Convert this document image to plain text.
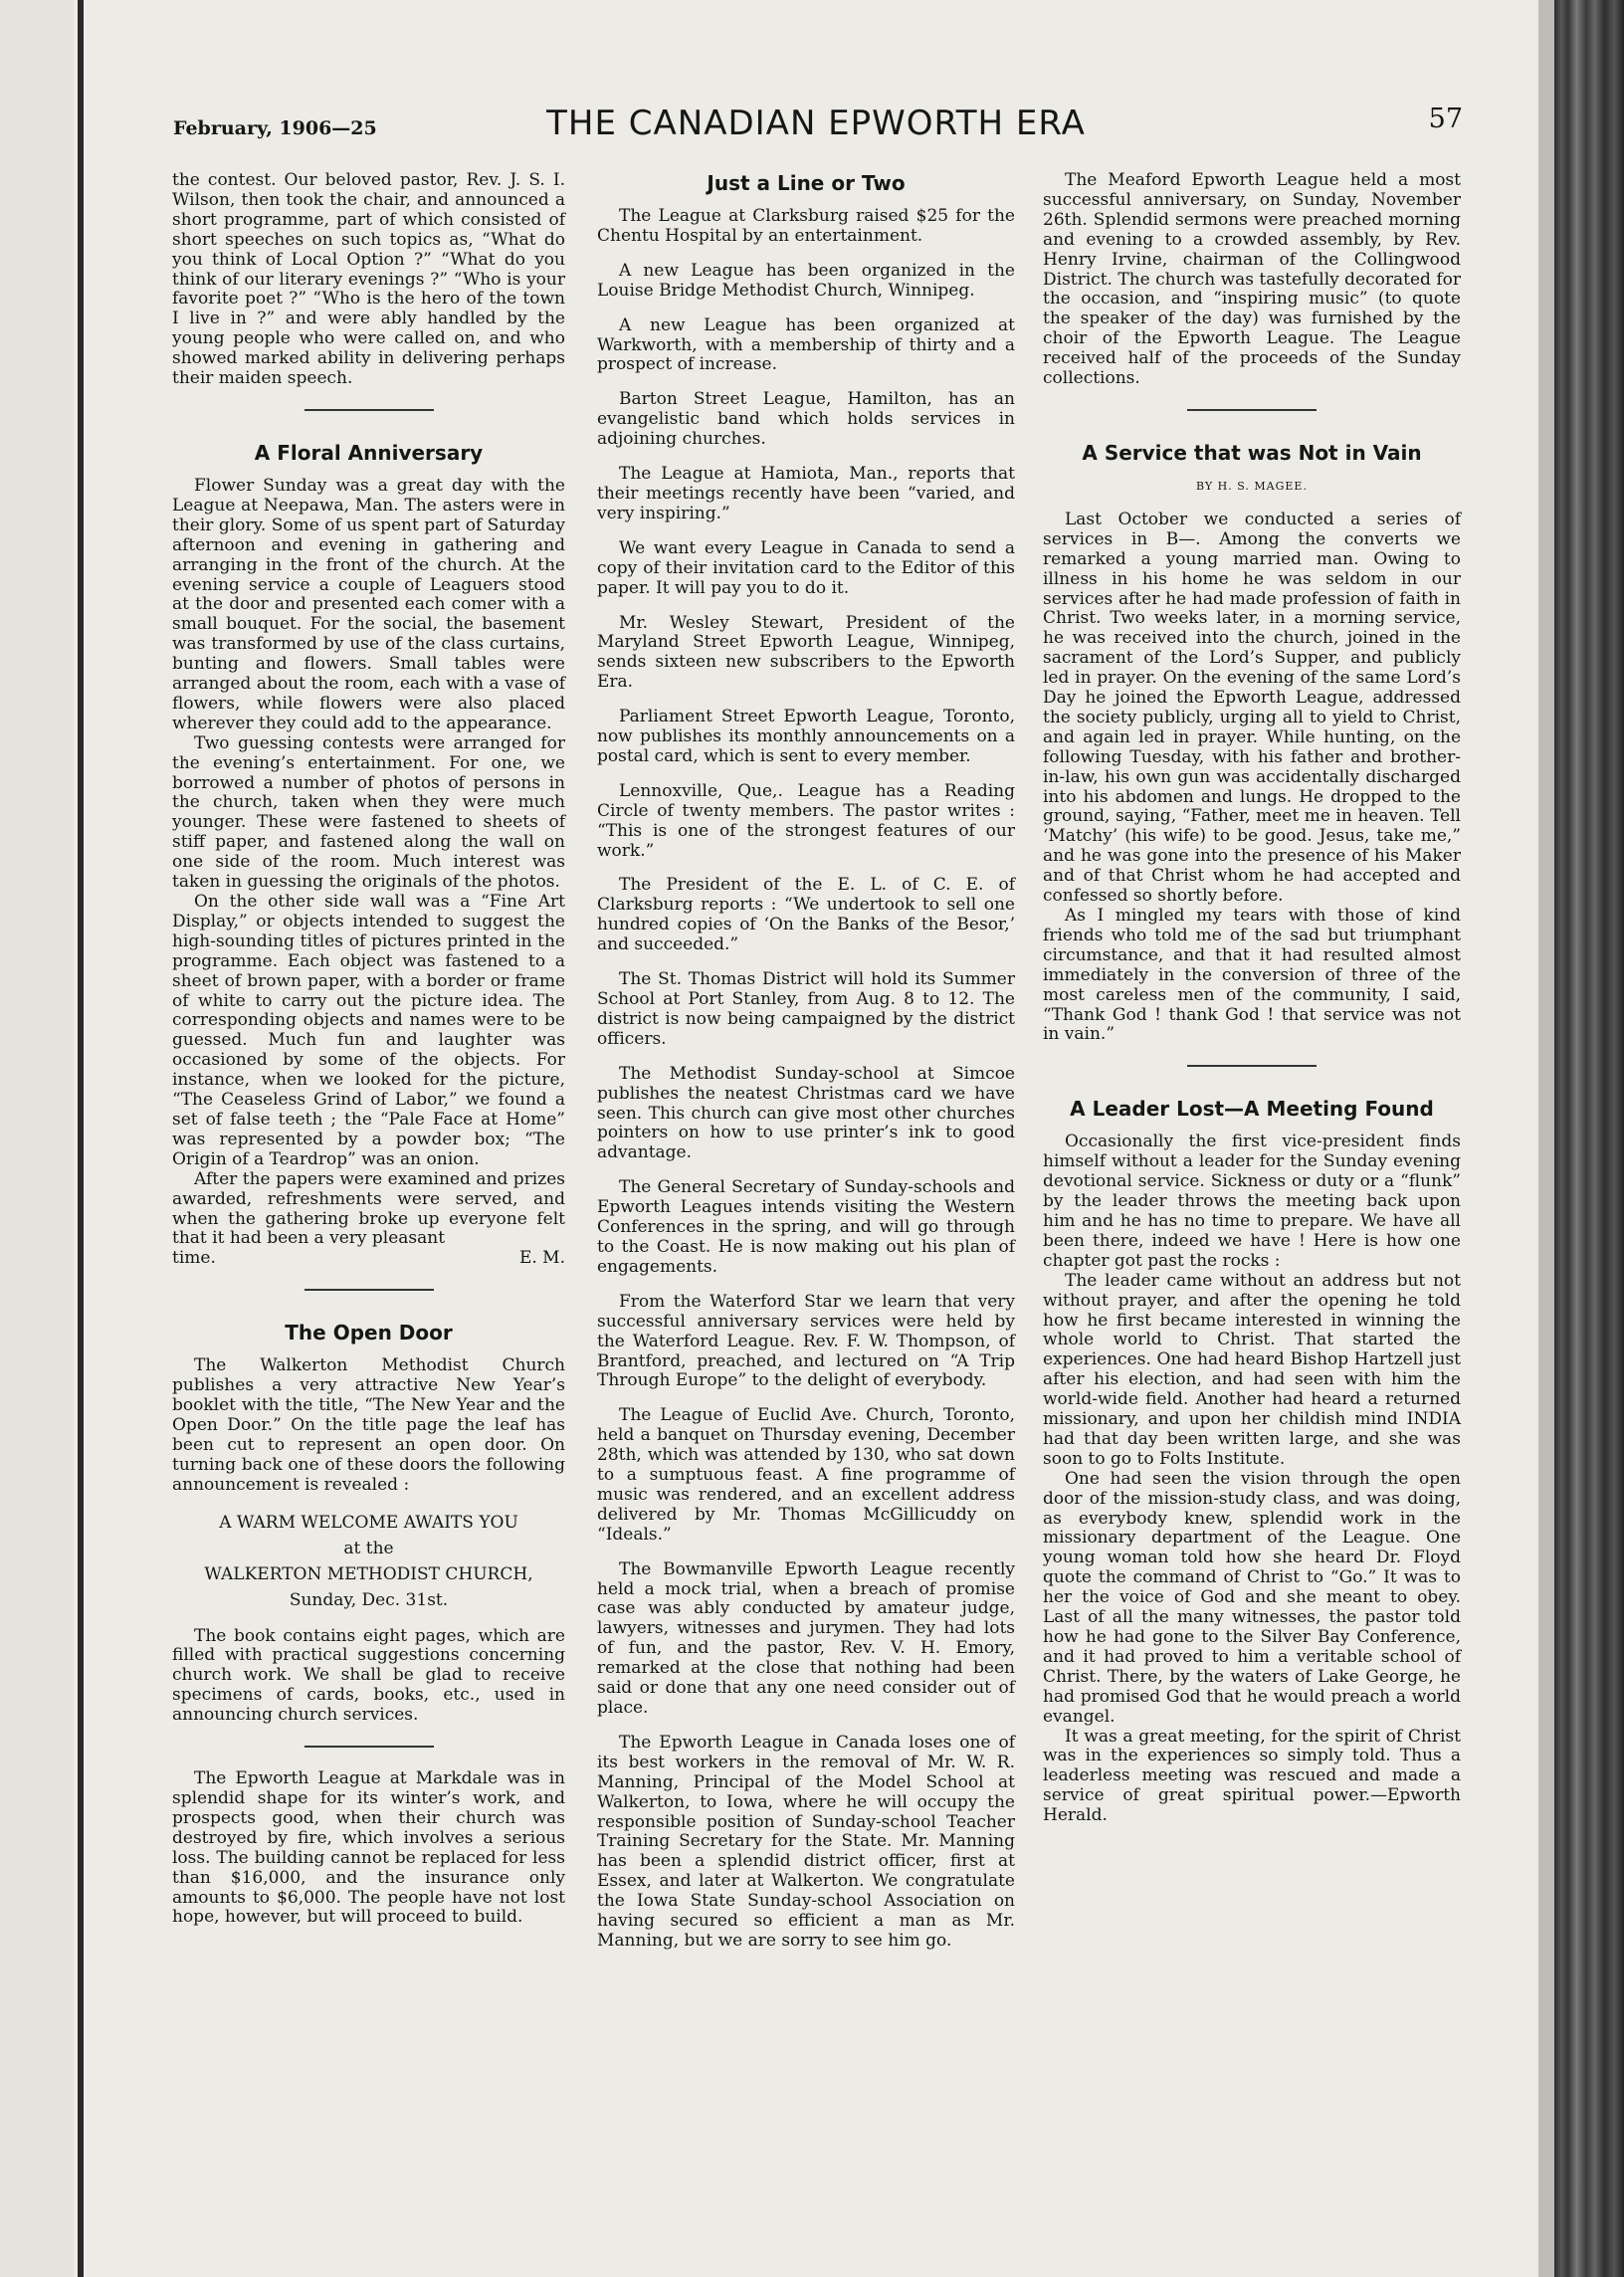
February, 1906—25	THE CANADIAN EPWORTH ERA	57

the contest. Our beloved pastor, Rev. J. S. I. Wilson, then took the chair, and announced a short programme, part of which consisted of short speeches on such topics as, “What do you think of Local Option ?” “What do you think of our literary evenings ?” “Who is your favorite poet ?” “Who is the hero of the town I live in ?” and were ably handled by the young people who were called on, and who showed marked ability in delivering perhaps their maiden speech.

A Floral Anniversary

Flower Sunday was a great day with the League at Neepawa, Man. The asters were in their glory. Some of us spent part of Saturday afternoon and evening in gathering and arranging in the front of the church. At the evening service a couple of Leaguers stood at the door and presented each comer with a small bouquet. For the social, the basement was transformed by use of the class curtains, bunting and flowers. Small tables were arranged about the room, each with a vase of flowers, while flowers were also placed wherever they could add to the appearance.

Two guessing contests were arranged for the evening’s entertainment. For one, we borrowed a number of photos of persons in the church, taken when they were much younger. These were fastened to sheets of stiff paper, and fastened along the wall on one side of the room. Much interest was taken in guessing the originals of the photos.

On the other side wall was a “Fine Art Display,” or objects intended to suggest the high-sounding titles of pictures printed in the programme. Each object was fastened to a sheet of brown paper, with a border or frame of white to carry out the picture idea. The corresponding objects and names were to be guessed. Much fun and laughter was occasioned by some of the objects. For instance, when we looked for the picture, “The Ceaseless Grind of Labor,” we found a set of false teeth ; the “Pale Face at Home” was represented by a powder box; “The Origin of a Teardrop” was an onion.

After the papers were examined and prizes awarded, refreshments were served, and when the gathering broke up everyone felt that it had been a very pleasant

time.	E. M.
The Open Door

The Walkerton Methodist Church publishes a very attractive New Year’s booklet with the title, “The New Year and the Open Door.” On the title page the leaf has been cut to represent an open door. On turning back one of these doors the following announcement is revealed :

A WARM WELCOME AWAITS YOU
at the
WALKERTON METHODIST CHURCH,
Sunday, Dec. 31st.

The book contains eight pages, which are filled with practical suggestions concerning church work. We shall be glad to receive specimens of cards, books, etc., used in announcing church services.

The Epworth League at Markdale was in splendid shape for its winter’s work, and prospects good, when their church was destroyed by fire, which involves a serious loss. The building cannot be replaced for less than $16,000, and the insurance only amounts to $6,000. The people have not lost hope, however, but will proceed to build.

Just a Line or Two

The League at Clarksburg raised $25 for the Chentu Hospital by an entertainment.

A new League has been organized in the Louise Bridge Methodist Church, Winnipeg.

A new League has been organized at Warkworth, with a membership of thirty and a prospect of increase.

Barton Street League, Hamilton, has an evangelistic band which holds services in adjoining churches.

The League at Hamiota, Man., reports that their meetings recently have been “varied, and very inspiring.”

We want every League in Canada to send a copy of their invitation card to the Editor of this paper. It will pay you to do it.

Mr. Wesley Stewart, President of the Maryland Street Epworth League, Winnipeg, sends sixteen new subscribers to the Epworth Era.

Parliament Street Epworth League, Toronto, now publishes its monthly announcements on a postal card, which is sent to every member.

Lennoxville, Que,. League has a Reading Circle of twenty members. The pastor writes : “This is one of the strongest features of our work.”

The President of the E. L. of C. E. of Clarksburg reports : “We undertook to sell one hundred copies of ‘On the Banks of the Besor,’ and succeeded.”

The St. Thomas District will hold its Summer School at Port Stanley, from Aug. 8 to 12. The district is now being campaigned by the district officers.

The Methodist Sunday-school at Simcoe publishes the neatest Christmas card we have seen. This church can give most other churches pointers on how to use printer’s ink to good advantage.

The General Secretary of Sunday-schools and Epworth Leagues intends visiting the Western Conferences in the spring, and will go through to the Coast. He is now making out his plan of engagements.

From the Waterford Star we learn that very successful anniversary services were held by the Waterford League. Rev. F. W. Thompson, of Brantford, preached, and lectured on “A Trip Through Europe” to the delight of everybody.

The League of Euclid Ave. Church, Toronto, held a banquet on Thursday evening, December 28th, which was attended by 130, who sat down to a sumptuous feast. A fine programme of music was rendered, and an excellent address delivered by Mr. Thomas McGillicuddy on “Ideals.”

The Bowmanville Epworth League recently held a mock trial, when a breach of promise case was ably conducted by amateur judge, lawyers, witnesses and jurymen. They had lots of fun, and the pastor, Rev. V. H. Emory, remarked at the close that nothing had been said or done that any one need consider out of place.

The Epworth League in Canada loses one of its best workers in the removal of Mr. W. R. Manning, Principal of the Model School at Walkerton, to Iowa, where he will occupy the responsible position of Sunday-school Teacher Training Secretary for the State. Mr. Manning has been a splendid district officer, first at Essex, and later at Walkerton. We congratulate the Iowa State Sunday-school Association on having secured so efficient a man as Mr. Manning, but we are sorry to see him go.

The Meaford Epworth League held a most successful anniversary, on Sunday, November 26th. Splendid sermons were preached morning and evening to a crowded assembly, by Rev. Henry Irvine, chairman of the Collingwood District. The church was tastefully decorated for the occasion, and “inspiring music” (to quote the speaker of the day) was furnished by the choir of the Epworth League. The League received half of the proceeds of the Sunday collections.

A Service that was Not in Vain
BY H. S. MAGEE.

Last October we conducted a series of services in B—. Among the converts we remarked a young married man. Owing to illness in his home he was seldom in our services after he had made profession of faith in Christ. Two weeks later, in a morning service, he was received into the church, joined in the sacrament of the Lord’s Supper, and publicly led in prayer. On the evening of the same Lord’s Day he joined the Epworth League, addressed the society publicly, urging all to yield to Christ, and again led in prayer. While hunting, on the following Tuesday, with his father and brother-in-law, his own gun was accidentally discharged into his abdomen and lungs. He dropped to the ground, saying, “Father, meet me in heaven. Tell ‘Matchy’ (his wife) to be good. Jesus, take me,” and he was gone into the presence of his Maker and of that Christ whom he had accepted and confessed so shortly before.

As I mingled my tears with those of kind friends who told me of the sad but triumphant circumstance, and that it had resulted almost immediately in the conversion of three of the most careless men of the community, I said, “Thank God ! thank God ! that service was not in vain.”

A Leader Lost—A Meeting Found

Occasionally the first vice-president finds himself without a leader for the Sunday evening devotional service. Sickness or duty or a “flunk” by the leader throws the meeting back upon him and he has no time to prepare. We have all been there, indeed we have ! Here is how one chapter got past the rocks :

The leader came without an address but not without prayer, and after the opening he told how he first became interested in winning the whole world to Christ. That started the experiences. One had heard Bishop Hartzell just after his election, and had seen with him the world-wide field. Another had heard a returned missionary, and upon her childish mind INDIA had that day been written large, and she was soon to go to Folts Institute.

One had seen the vision through the open door of the mission-study class, and was doing, as everybody knew, splendid work in the missionary department of the League. One young woman told how she heard Dr. Floyd quote the command of Christ to “Go.” It was to her the voice of God and she meant to obey. Last of all the many witnesses, the pastor told how he had gone to the Silver Bay Conference, and it had proved to him a veritable school of Christ. There, by the waters of Lake George, he had promised God that he would preach a world evangel.

It was a great meeting, for the spirit of Christ was in the experiences so simply told. Thus a leaderless meeting was rescued and made a service of great spiritual power.—Epworth Herald.
